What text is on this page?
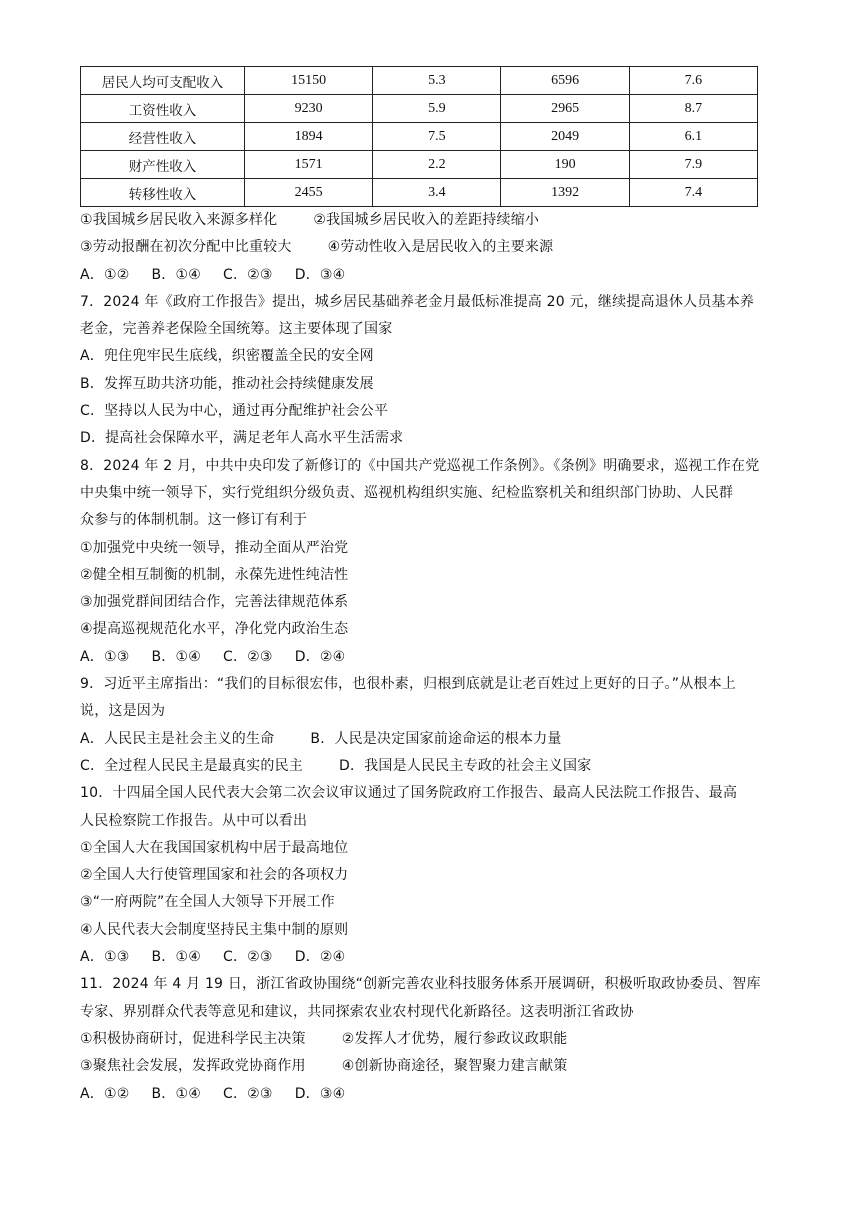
居民人均可支配收入	15150	5.3	6596	7.6
工资性收入	9230	5.9	2965	8.7
经营性收入	1894	7.5	2049	6.1
财产性收入	1571	2.2	190	7.9
转移性收入	2455	3.4	1392	7.4
①我国城乡居民收入来源多样化	②我国城乡居民收入的差距持续缩小
③劳动报酬在初次分配中比重较大	④劳动性收入是居民收入的主要来源
A．①② B．①④ C．②③ D．③④
7．2024 年《政府工作报告》提出，城乡居民基础养老金月最低标准提高 20 元，继续提高退休人员基本养
老金，完善养老保险全国统筹。这主要体现了国家
A．兜住兜牢民生底线，织密覆盖全民的安全网
B．发挥互助共济功能，推动社会持续健康发展
C．坚持以人民为中心，通过再分配维护社会公平
D．提高社会保障水平，满足老年人高水平生活需求
8．2024 年 2 月，中共中央印发了新修订的《中国共产党巡视工作条例》。《条例》明确要求，巡视工作在党
中央集中统一领导下，实行党组织分级负责、巡视机构组织实施、纪检监察机关和组织部门协助、人民群
众参与的体制机制。这一修订有利于
①加强党中央统一领导，推动全面从严治党
②健全相互制衡的机制，永葆先进性纯洁性
③加强党群间团结合作，完善法律规范体系
④提高巡视规范化水平，净化党内政治生态
A．①③ B．①④ C．②③ D．②④
9．习近平主席指出：“我们的目标很宏伟，也很朴素，归根到底就是让老百姓过上更好的日子。”从根本上
说，这是因为
A．人民民主是社会主义的生命	B．人民是决定国家前途命运的根本力量
C．全过程人民民主是最真实的民主	D．我国是人民民主专政的社会主义国家
10．十四届全国人民代表大会第二次会议审议通过了国务院政府工作报告、最高人民法院工作报告、最高
人民检察院工作报告。从中可以看出
①全国人大在我国国家机构中居于最高地位
②全国人大行使管理国家和社会的各项权力
③“一府两院”在全国人大领导下开展工作
④人民代表大会制度坚持民主集中制的原则
A．①③ B．①④ C．②③ D．②④
11．2024 年 4 月 19 日，浙江省政协围绕“创新完善农业科技服务体系开展调研，积极听取政协委员、智库
专家、界别群众代表等意见和建议，共同探索农业农村现代化新路径。这表明浙江省政协
①积极协商研讨，促进科学民主决策	②发挥人才优势，履行参政议政职能
③聚焦社会发展，发挥政党协商作用	④创新协商途径，聚智聚力建言献策
A．①② B．①④ C．②③ D．③④
